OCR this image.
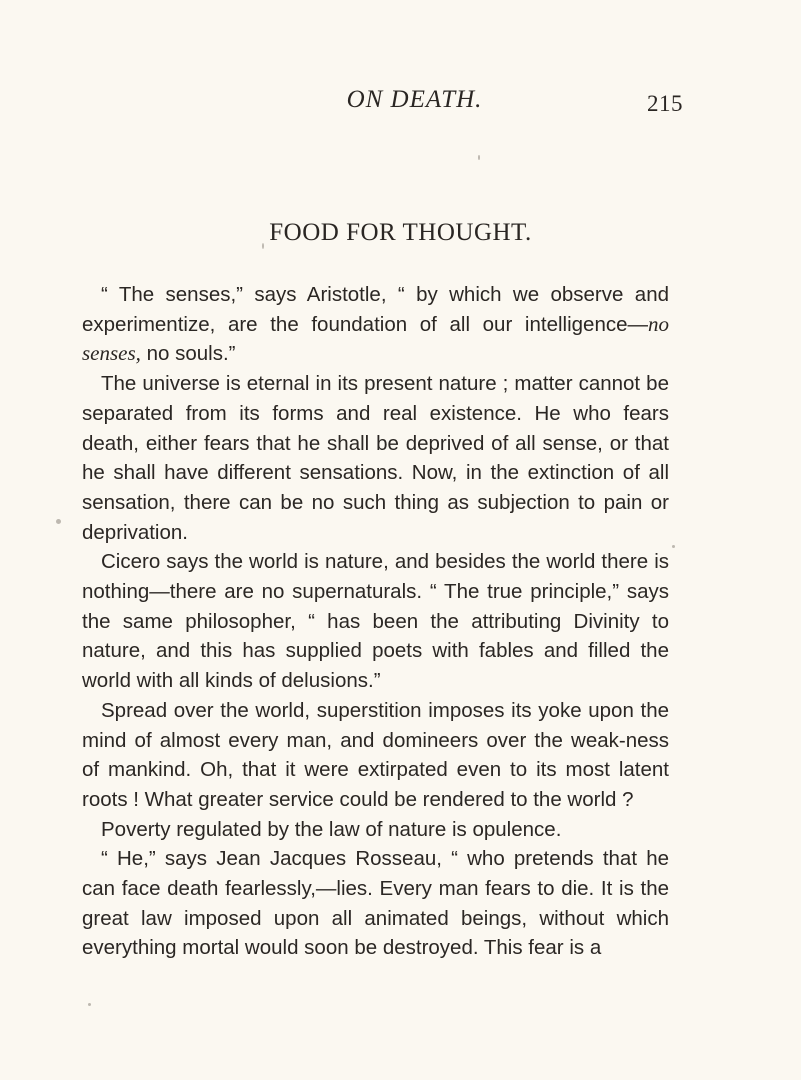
ON DEATH.	215
FOOD FOR THOUGHT.

“ The senses,” says Aristotle, “ by which we observe and experimentize, are the foundation of all our intelligence—no senses, no souls.”

The universe is eternal in its present nature ; matter cannot be separated from its forms and real existence. He who fears death, either fears that he shall be deprived of all sense, or that he shall have different sensations. Now, in the extinction of all sensation, there can be no such thing as subjection to pain or deprivation.

Cicero says the world is nature, and besides the world there is nothing—there are no supernaturals. “ The true principle,” says the same philosopher, “ has been the attributing Divinity to nature, and this has supplied poets with fables and filled the world with all kinds of delusions.”

Spread over the world, superstition imposes its yoke upon the mind of almost every man, and domineers over the weak-ness of mankind. Oh, that it were extirpated even to its most latent roots ! What greater service could be rendered to the world ?

Poverty regulated by the law of nature is opulence.

“ He,” says Jean Jacques Rosseau, “ who pretends that he can face death fearlessly,—lies. Every man fears to die. It is the great law imposed upon all animated beings, without which everything mortal would soon be destroyed. This fear is a
